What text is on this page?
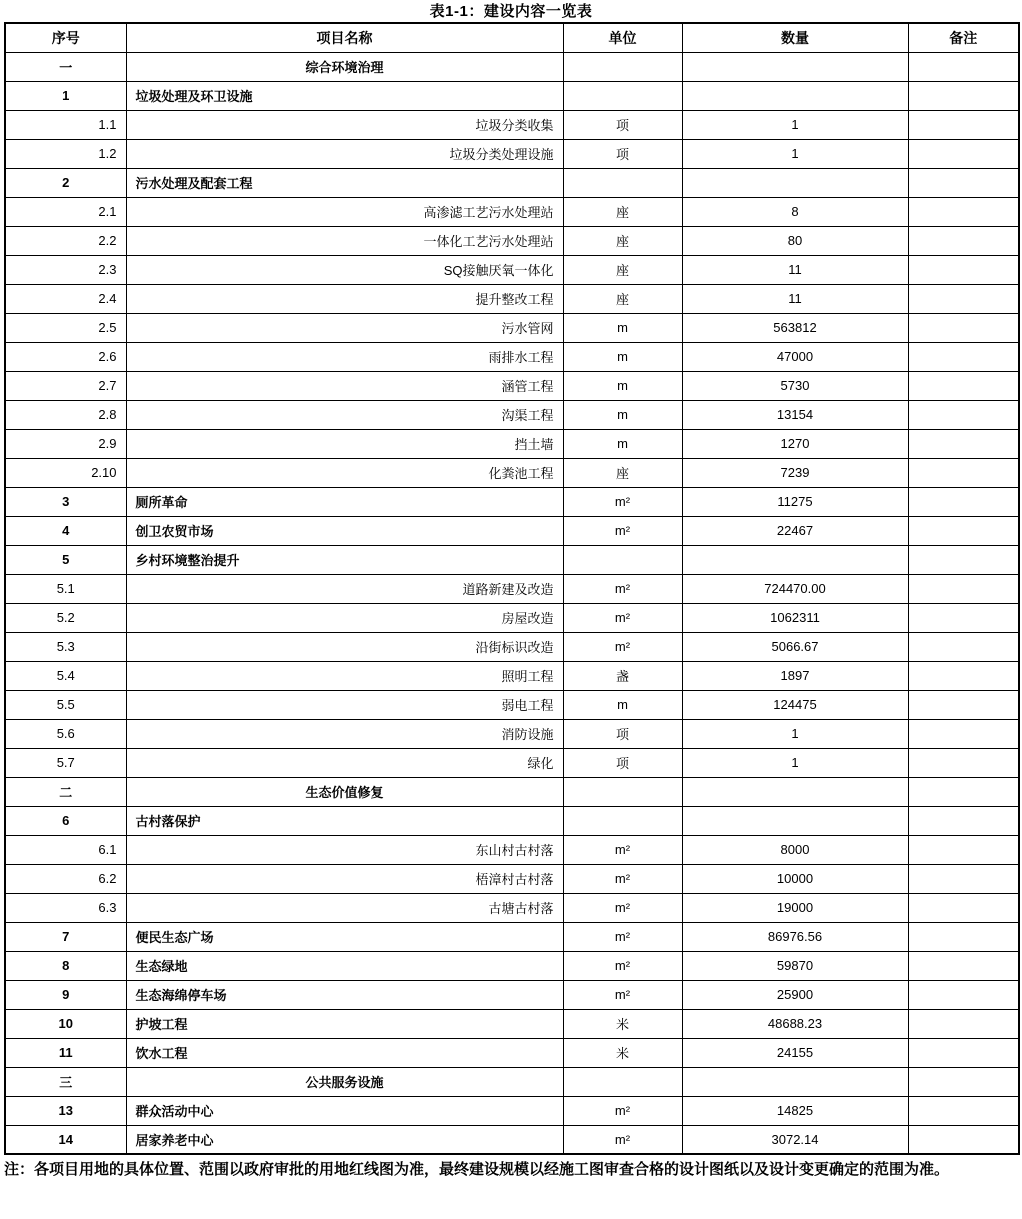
表1-1：建设内容一览表
序号	项目名称	单位	数量	备注
一	综合环境治理			
1	垃圾处理及环卫设施			
1.1	垃圾分类收集	项	1	
1.2	垃圾分类处理设施	项	1	
2	污水处理及配套工程			
2.1	高渗滤工艺污水处理站	座	8	
2.2	一体化工艺污水处理站	座	80	
2.3	SQ接触厌氧一体化	座	11	
2.4	提升整改工程	座	11	
2.5	污水管网	m	563812	
2.6	雨排水工程	m	47000	
2.7	涵管工程	m	5730	
2.8	沟渠工程	m	13154	
2.9	挡土墙	m	1270	
2.10	化粪池工程	座	7239	
3	厕所革命	m²	11275	
4	创卫农贸市场	m²	22467	
5	乡村环境整治提升			
5.1	道路新建及改造	m²	724470.00	
5.2	房屋改造	m²	1062311	
5.3	沿街标识改造	m²	5066.67	
5.4	照明工程	盏	1897	
5.5	弱电工程	m	124475	
5.6	消防设施	项	1	
5.7	绿化	项	1	
二	生态价值修复			
6	古村落保护			
6.1	东山村古村落	m²	8000	
6.2	梧漳村古村落	m²	10000	
6.3	古塘古村落	m²	19000	
7	便民生态广场	m²	86976.56	
8	生态绿地	m²	59870	
9	生态海绵停车场	m²	25900	
10	护坡工程	米	48688.23	
11	饮水工程	米	24155	
三	公共服务设施			
13	群众活动中心	m²	14825	
14	居家养老中心	m²	3072.14	
注：各项目用地的具体位置、范围以政府审批的用地红线图为准，最终建设规模以经施工图审查合格的设计图纸以及设计变更确定的范围为准。
